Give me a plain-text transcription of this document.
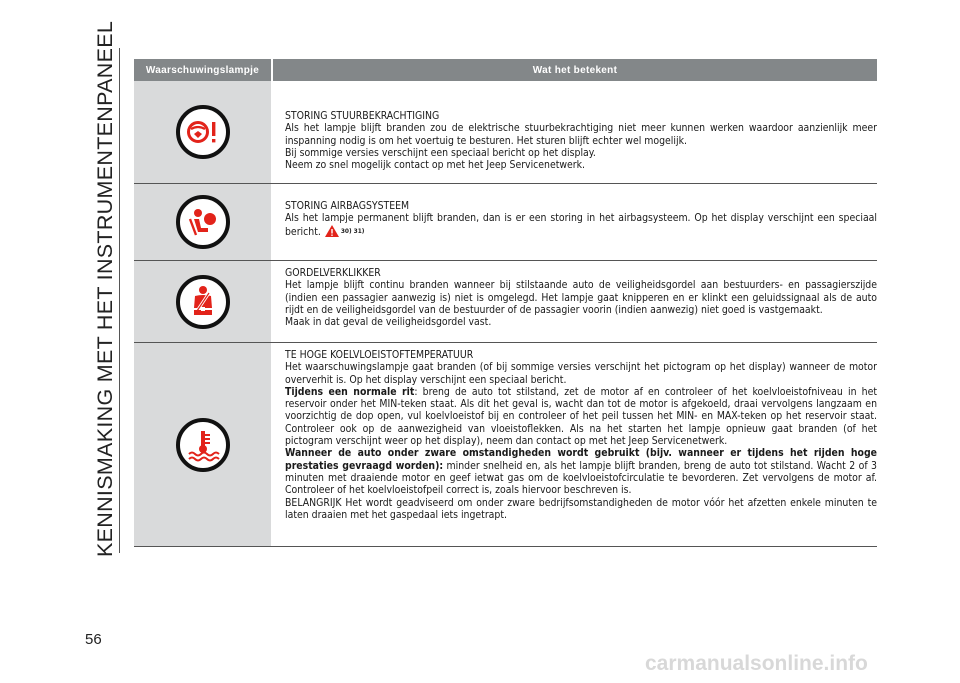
KENNISMAKING MET HET INSTRUMENTENPANEEL
56
Waarschuwingslampje	Wat het betekent

STORING STUURBEKRACHTIGING

Als het lampje blijft branden zou de elektrische stuurbekrachtiging niet meer kunnen werken waardoor aanzienlijk meer inspanning nodig is om het voertuig te besturen. Het sturen blijft echter wel mogelijk.

Bij sommige versies verschijnt een speciaal bericht op het display.

Neem zo snel mogelijk contact op met het Jeep Servicenetwerk.

STORING AIRBAGSYSTEEM

Als het lampje permanent blijft branden, dan is er een storing in het airbagsysteem. Op het display verschijnt een speciaal bericht.	30) 31)

GORDELVERKLIKKER

Het lampje blijft continu branden wanneer bij stilstaande auto de veiligheidsgordel aan bestuurders- en passagierszijde (indien een passagier aanwezig is) niet is omgelegd. Het lampje gaat knipperen en er klinkt een geluidssignaal als de auto rijdt en de veiligheidsgordel van de bestuurder of de passagier voorin (indien aanwezig) niet goed is vastgemaakt.

Maak in dat geval de veiligheidsgordel vast.

TE HOGE KOELVLOEISTOFTEMPERATUUR

Het waarschuwingslampje gaat branden (of bij sommige versies verschijnt het pictogram op het display) wanneer de motor oververhit is. Op het display verschijnt een speciaal bericht.

Tijdens een normale rit: breng de auto tot stilstand, zet de motor af en controleer of het koelvloeistofniveau in het reservoir onder het MIN-teken staat. Als dit het geval is, wacht dan tot de motor is afgekoeld, draai vervolgens langzaam en voorzichtig de dop open, vul koelvloeistof bij en controleer of het peil tussen het MIN- en MAX-teken op het reservoir staat. Controleer ook op de aanwezigheid van vloeistoflekken. Als na het starten het lampje opnieuw gaat branden (of het pictogram verschijnt weer op het display), neem dan contact op met het Jeep Servicenetwerk.

Wanneer de auto onder zware omstandigheden wordt gebruikt (bijv. wanneer er tijdens het rijden hoge prestaties gevraagd worden): minder snelheid en, als het lampje blijft branden, breng de auto tot stilstand. Wacht 2 of 3 minuten met draaiende motor en geef ietwat gas om de koelvloeistofcirculatie te bevorderen. Zet vervolgens de motor af. Controleer of het koelvloeistofpeil correct is, zoals hiervoor beschreven is.

BELANGRIJK Het wordt geadviseerd om onder zware bedrijfsomstandigheden de motor vóór het afzetten enkele minuten te laten draaien met het gaspedaal iets ingetrapt.

carmanualsonline.info
